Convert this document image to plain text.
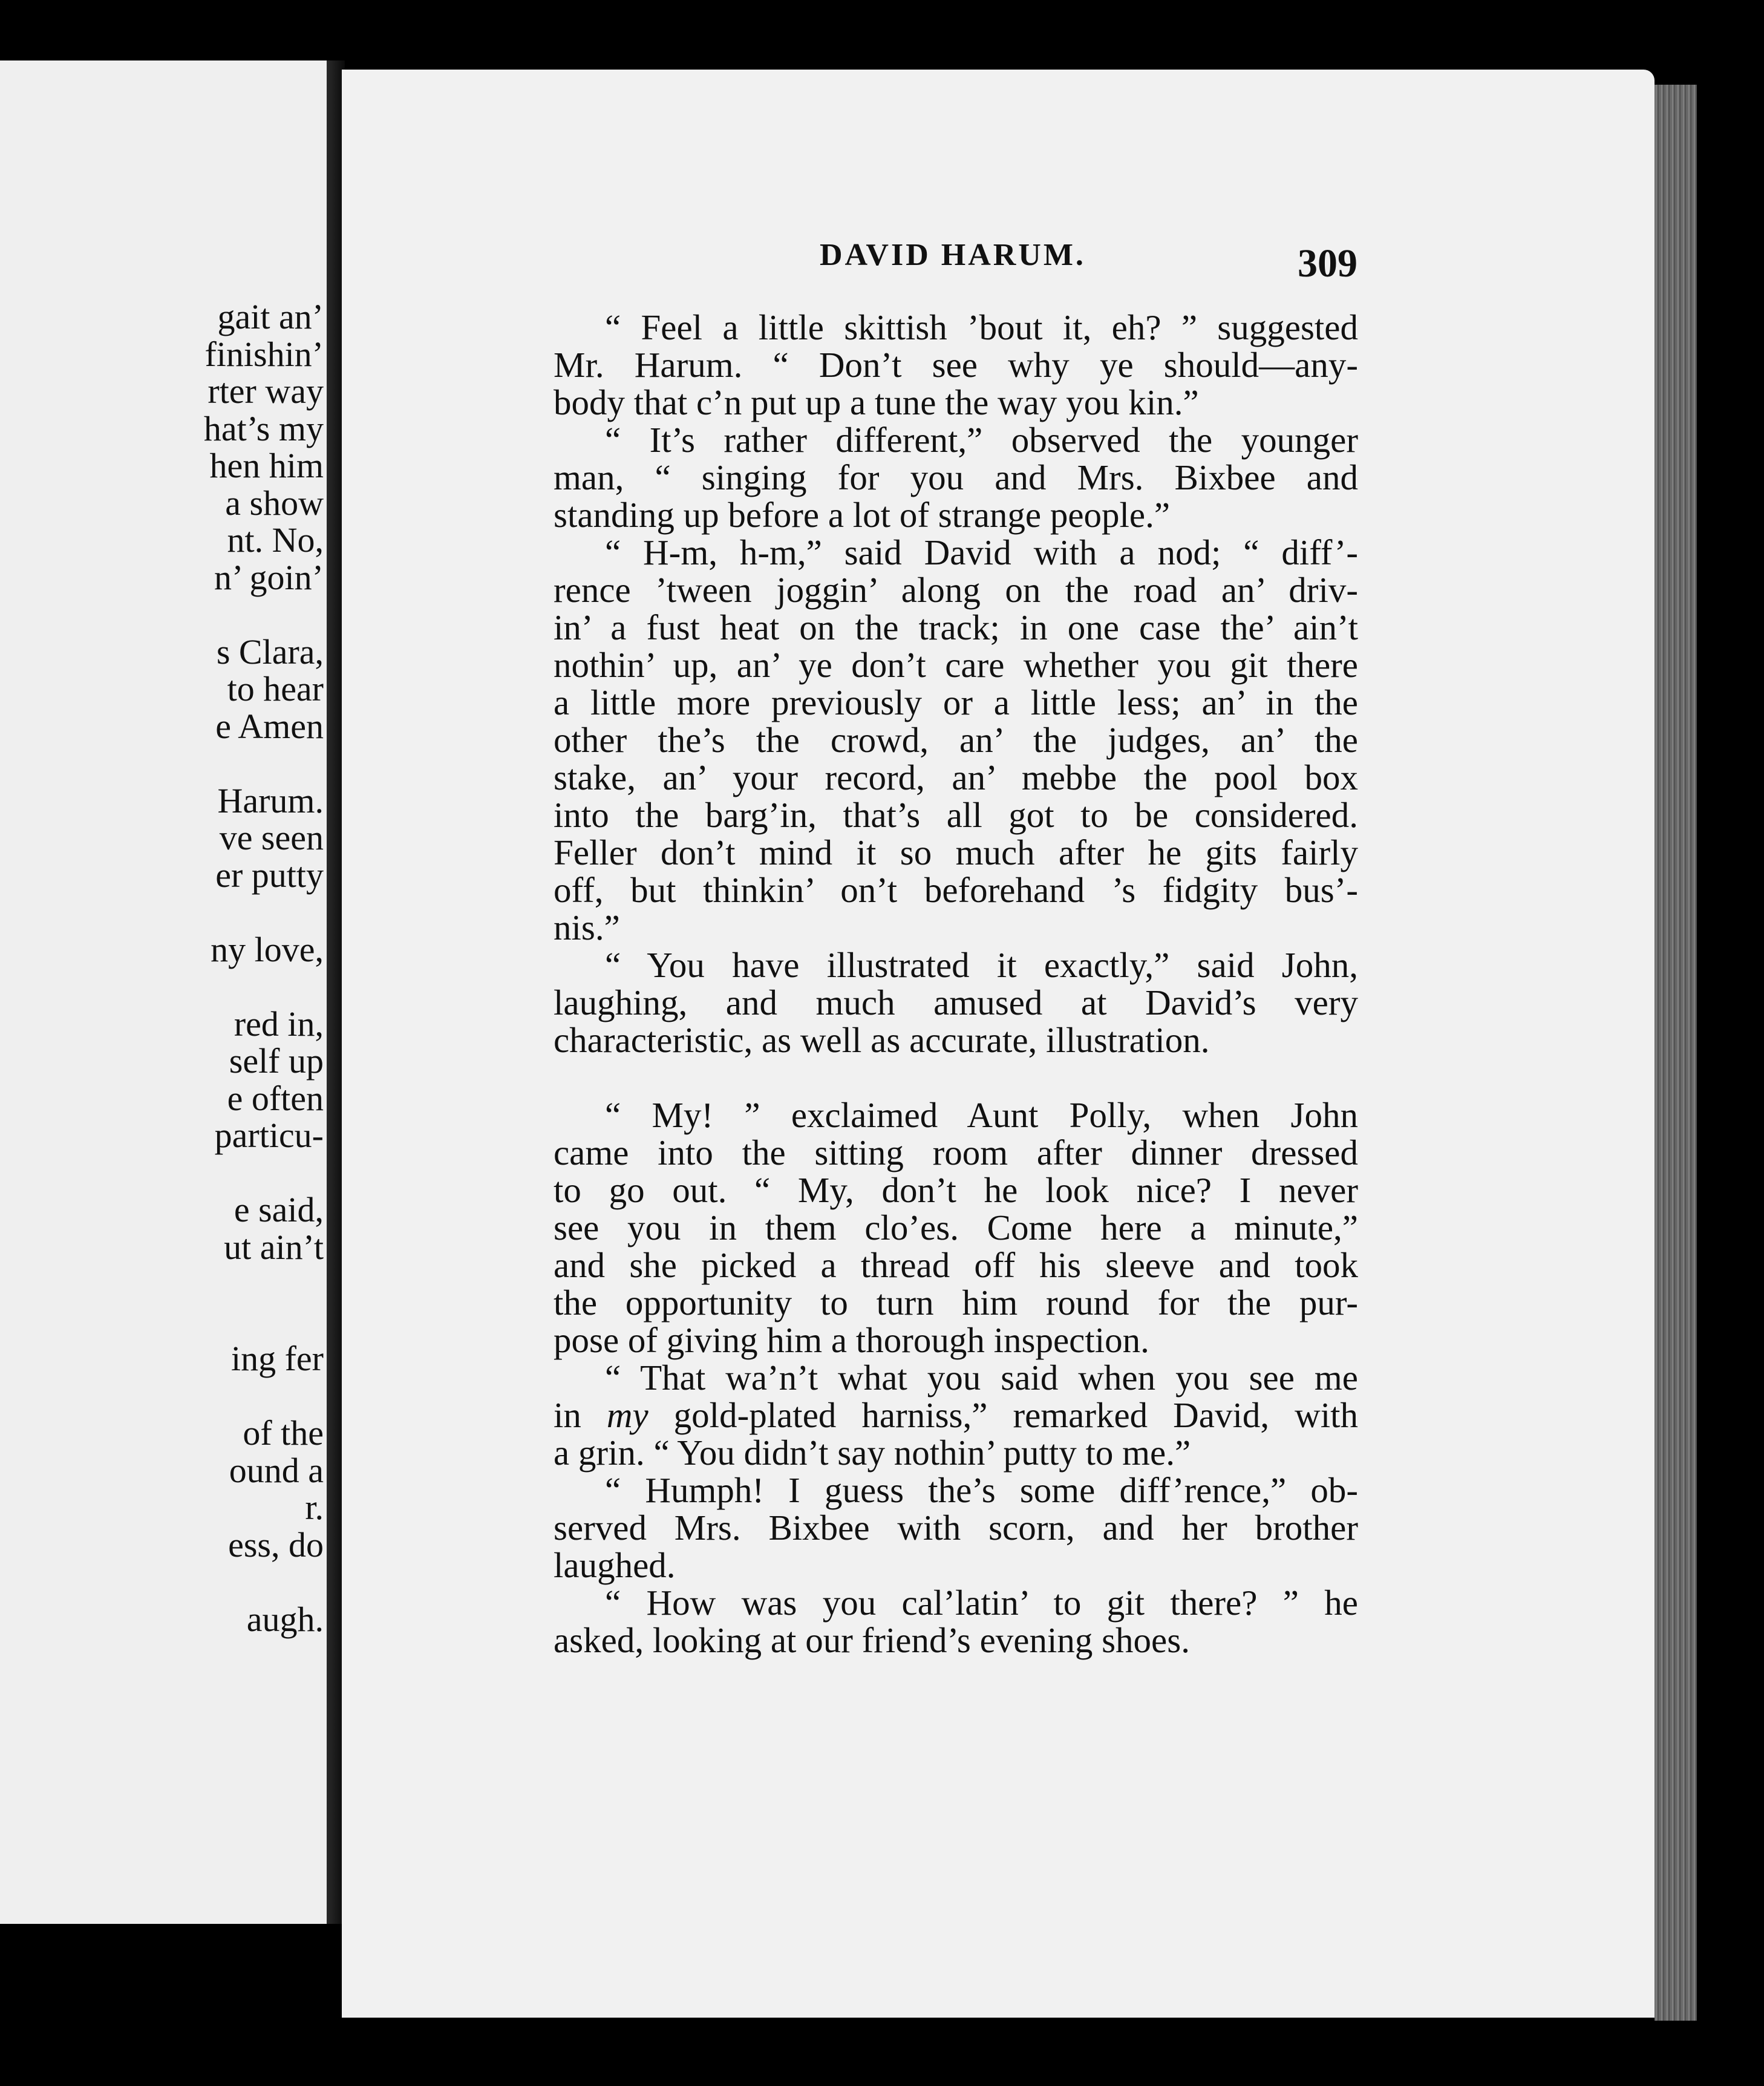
gait an’
finishin’
rter way
hat’s my
hen him
a show
nt. No,
n’ goin’
s Clara,
to hear
e Amen
Harum.
ve seen
er putty
ny love,
red in,
self up
e often
particu-
e said,
ut ain’t
ing fer
of the
ound a
r.
ess, do
augh.
DAVID HARUM.	309
“ Feel a little skittish ’bout it, eh? ” suggested
Mr. Harum. “ Don’t see why ye should—any-
body that c’n put up a tune the way you kin.”
“ It’s rather different,” observed the younger
man, “ singing for you and Mrs. Bixbee and
standing up before a lot of strange people.”
“ H-m, h-m,” said David with a nod; “ diff’-
rence ’tween joggin’ along on the road an’ driv-
in’ a fust heat on the track; in one case the’ ain’t
nothin’ up, an’ ye don’t care whether you git there
a little more previously or a little less; an’ in the
other the’s the crowd, an’ the judges, an’ the
stake, an’ your record, an’ mebbe the pool box
into the barg’in, that’s all got to be considered.
Feller don’t mind it so much after he gits fairly
off, but thinkin’ on’t beforehand ’s fidgity bus’-
nis.”
“ You have illustrated it exactly,” said John,
laughing, and much amused at David’s very
characteristic, as well as accurate, illustration.
“ My! ” exclaimed Aunt Polly, when John
came into the sitting room after dinner dressed
to go out. “ My, don’t he look nice? I never
see you in them clo’es. Come here a minute,”
and she picked a thread off his sleeve and took
the opportunity to turn him round for the pur-
pose of giving him a thorough inspection.
“ That wa’n’t what you said when you see me
in my gold-plated harniss,” remarked David, with
a grin. “ You didn’t say nothin’ putty to me.”
“ Humph! I guess the’s some diff’rence,” ob-
served Mrs. Bixbee with scorn, and her brother
laughed.
“ How was you cal’latin’ to git there? ” he
asked, looking at our friend’s evening shoes.
